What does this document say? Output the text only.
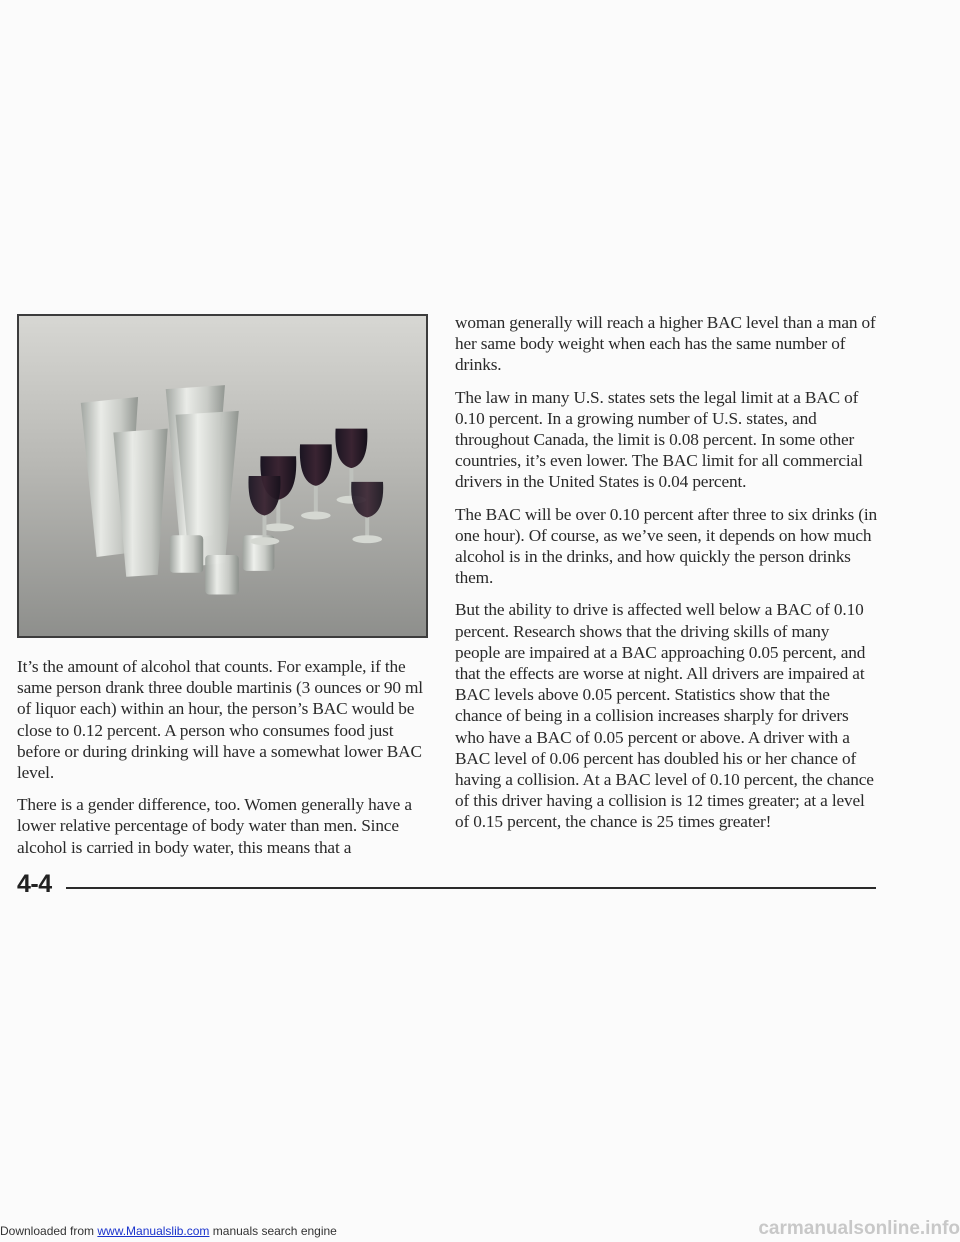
It’s the amount of alcohol that counts. For example, if the same person drank three double martinis (3 ounces or 90 ml of liquor each) within an hour, the person’s BAC would be close to 0.12 percent. A person who consumes food just before or during drinking will have a somewhat lower BAC level.

There is a gender difference, too. Women generally have a lower relative percentage of body water than men. Since alcohol is carried in body water, this means that a

woman generally will reach a higher BAC level than a man of her same body weight when each has the same number of drinks.

The law in many U.S. states sets the legal limit at a BAC of 0.10 percent. In a growing number of U.S. states, and throughout Canada, the limit is 0.08 percent. In some other countries, it’s even lower. The BAC limit for all commercial drivers in the United States is 0.04 percent.

The BAC will be over 0.10 percent after three to six drinks (in one hour). Of course, as we’ve seen, it depends on how much alcohol is in the drinks, and how quickly the person drinks them.

But the ability to drive is affected well below a BAC of 0.10 percent. Research shows that the driving skills of many people are impaired at a BAC approaching 0.05 percent, and that the effects are worse at night. All drivers are impaired at BAC levels above 0.05 percent. Statistics show that the chance of being in a collision increases sharply for drivers who have a BAC of 0.05 percent or above. A driver with a BAC level of 0.06 percent has doubled his or her chance of having a collision. At a BAC level of 0.10 percent, the chance of this driver having a collision is 12 times greater; at a level of 0.15 percent, the chance is 25 times greater!

4-4
Downloaded from www.Manualslib.com manuals search engine	carmanualsonline.info
